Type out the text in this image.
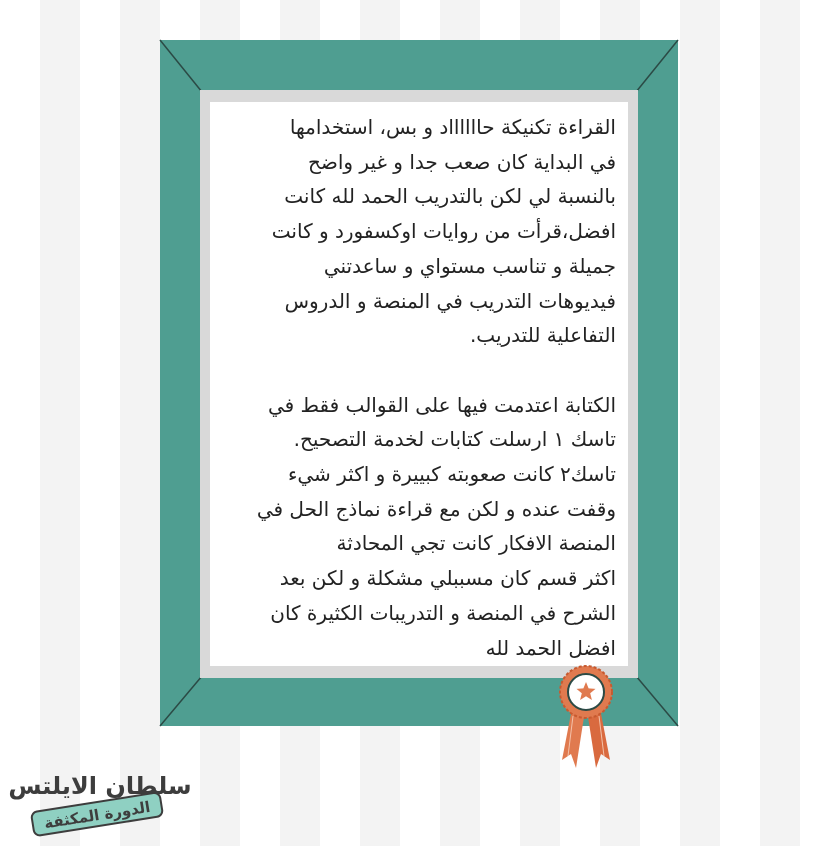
القراءة تكنيكة حااااااد و بس، استخدامها

في البداية كان صعب جدا و غير واضح

بالنسبة لي لكن بالتدريب الحمد لله كانت

افضل،قرأت من روايات اوكسفورد و كانت

جميلة و تناسب مستواي و ساعدتني

فيديوهات التدريب في المنصة و الدروس

التفاعلية للتدريب.

الكتابة اعتدمت فيها على القوالب فقط في

تاسك ١ ارسلت كتابات لخدمة التصحيح.

تاسك٢ كانت صعوبته كبييرة و اكثر شيء

وقفت عنده و لكن مع قراءة نماذج الحل في

المنصة الافكار كانت تجي المحادثة

اكثر قسم كان مسببلي مشكلة و لكن بعد

الشرح في المنصة و التدريبات الكثيرة كان

افضل الحمد لله

سلطان الايلتس
الدورة المكثفة
